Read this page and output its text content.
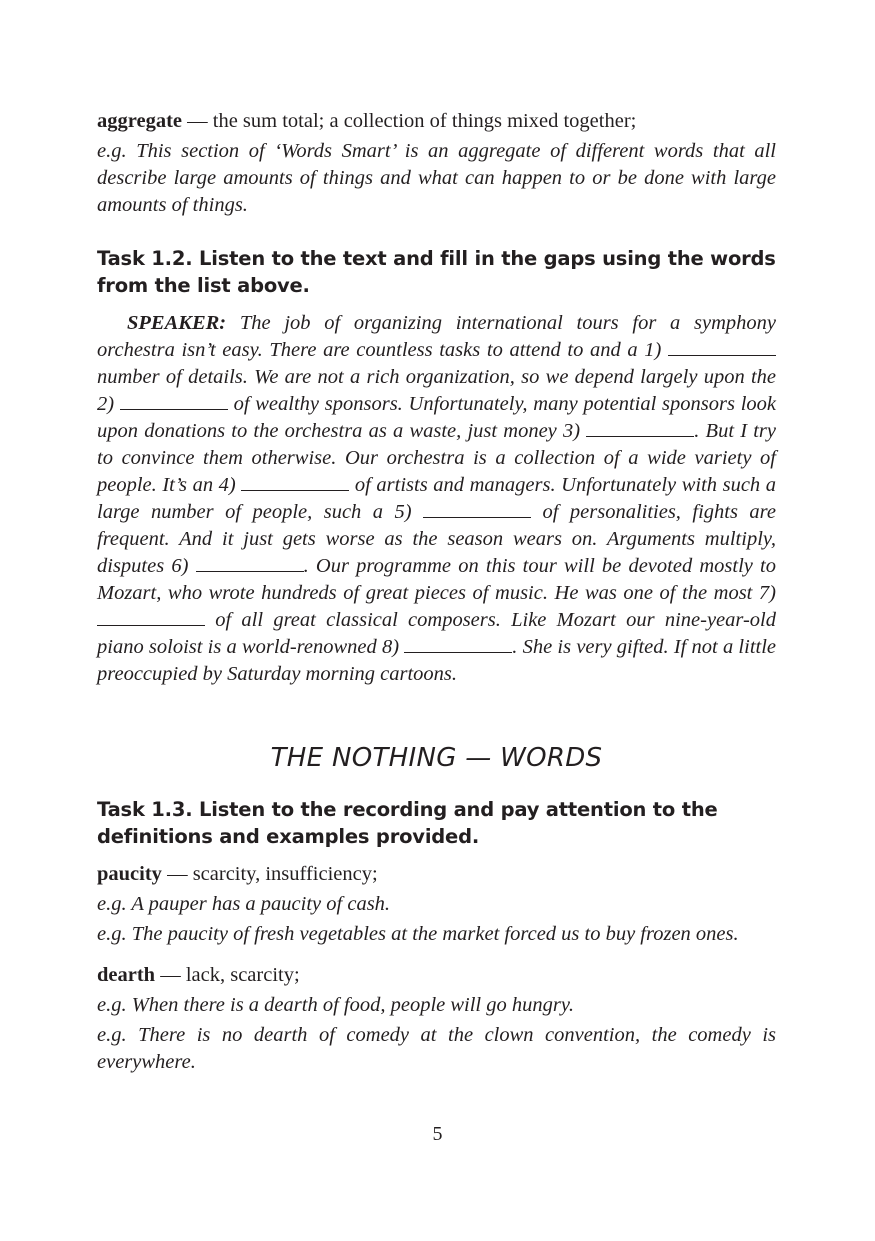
aggregate — the sum total; a collection of things mixed together;

e.g. This section of ‘Words Smart’ is an aggregate of different words that all describe large amounts of things and what can happen to or be done with large amounts of things.

Task 1.2. Listen to the text and fill in the gaps using the words from the list above.

SPEAKER: The job of organizing international tours for a symphony orchestra isn’t easy. There are countless tasks to attend to and a 1)  number of details. We are not a rich organization, so we depend largely upon the 2)	of wealthy sponsors. Unfortunately, many potential sponsors look upon donations to the orchestra as a waste, just money 3)	. But I try to convince them otherwise. Our orchestra is a collection of a wide variety of people. It’s an 4)	of artists and managers. Unfortunately with such a large number of people, such a 5)	of personalities, fights are frequent. And it just gets worse as the season wears on. Arguments multiply, disputes 6)	. Our programme on this tour will be devoted mostly to Mozart, who wrote hundreds of great pieces of music. He was one of the most 7)  of all great classical composers. Like Mozart our nine-year-old piano soloist is a world-renowned 8)	. She is very gifted. If not a little preoccupied by Saturday morning cartoons.

THE NOTHING — WORDS

Task 1.3. Listen to the recording and pay attention to the definitions and examples provided.

paucity — scarcity, insufficiency;

e.g. A pauper has a paucity of cash.

e.g. The paucity of fresh vegetables at the market forced us to buy frozen ones.

dearth — lack, scarcity;

e.g. When there is a dearth of food, people will go hungry.

e.g. There is no dearth of comedy at the clown convention, the comedy is everywhere.

5
